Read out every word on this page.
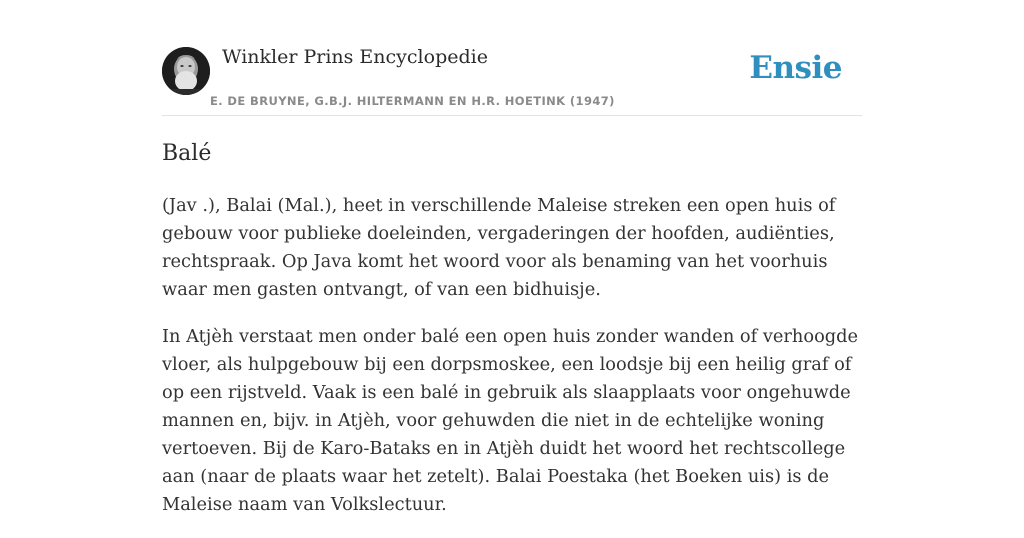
Winkler Prins Encyclopedie
E. DE BRUYNE, G.B.J. HILTERMANN EN H.R. HOETINK (1947)
Ensie
Balé

(Jav .), Balai (Mal.), heet in verschillende Maleise streken een open huis of gebouw voor publieke doeleinden, vergaderingen der hoofden, audiënties, rechtspraak. Op Java komt het woord voor als benaming van het voorhuis waar men gasten ontvangt, of van een bidhuisje.

In Atjèh verstaat men onder balé een open huis zonder wanden of verhoogde vloer, als hulpgebouw bij een dorpsmoskee, een loodsje bij een heilig graf of op een rijstveld. Vaak is een balé in gebruik als slaapplaats voor ongehuwde mannen en, bijv. in Atjèh, voor gehuwden die niet in de echtelijke woning vertoeven. Bij de Karo-Bataks en in Atjèh duidt het woord het rechtscollege aan (naar de plaats waar het zetelt). Balai Poestaka (het Boeken uis) is de Maleise naam van Volkslectuur.
